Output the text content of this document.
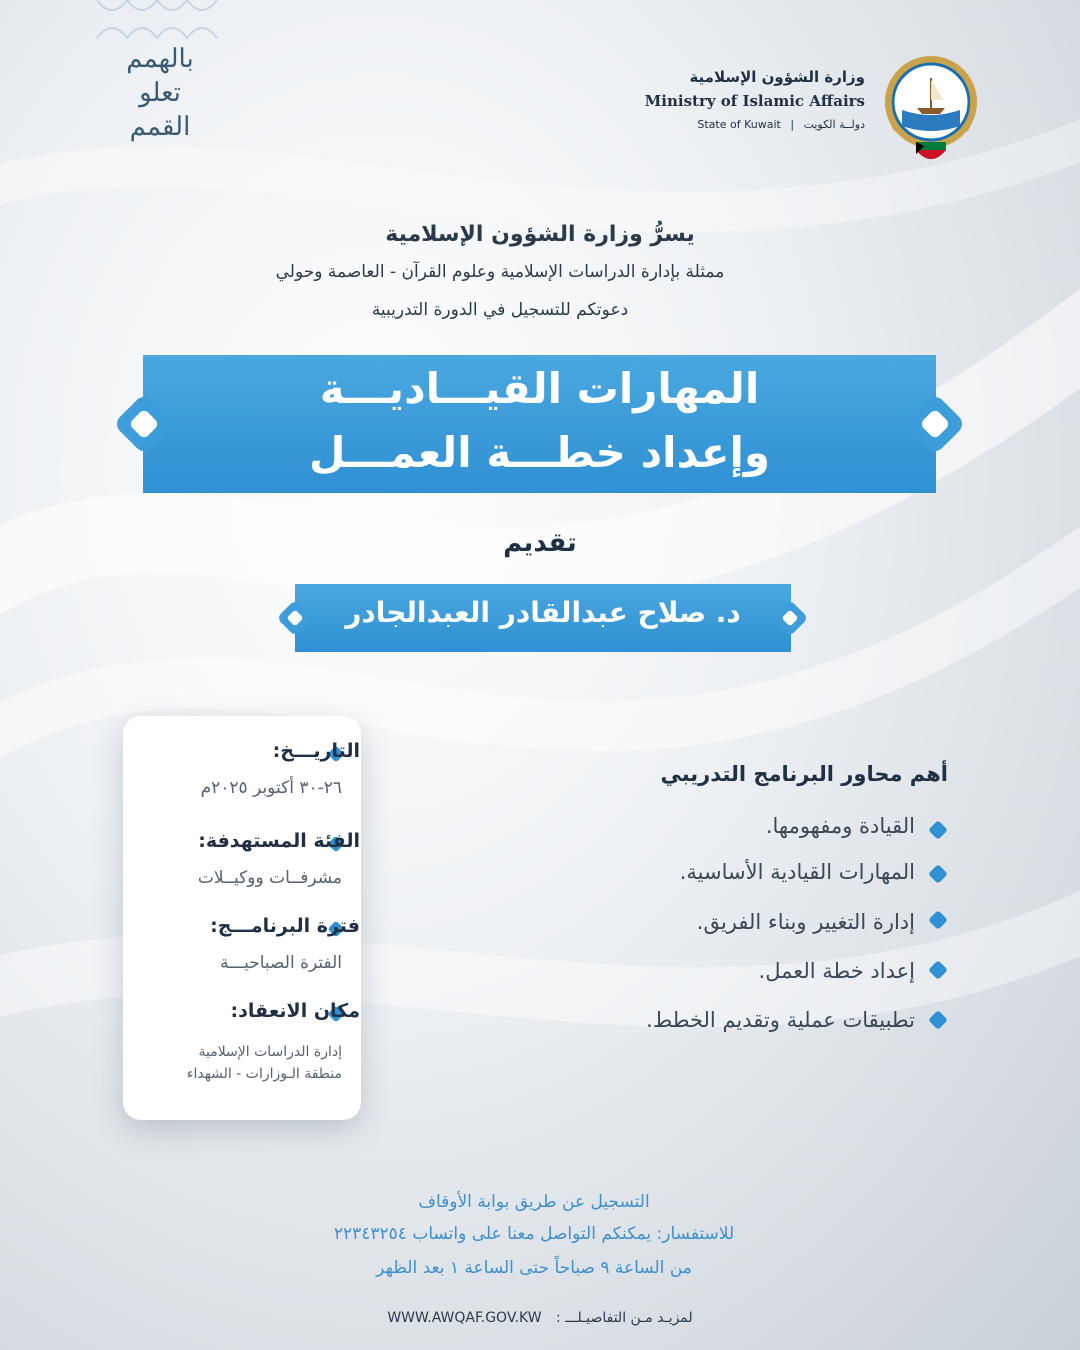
بالهمم
تعلو
القمم
وزارة الشؤون الإسلامية
Ministry of Islamic Affairs
State of Kuwait | دولــة الكويت
يسرُّ وزارة الشؤون الإسلامية
ممثلة بإدارة الدراسات الإسلامية وعلوم القرآن - العاصمة وحولي
دعوتكم للتسجيل في الدورة التدريبية
المهارات القيـــاديـــة
وإعداد خطـــة العمـــل
تقديم
د. صلاح عبدالقادر العبدالجادر
التاريـــخ:
٢٦-٣٠ أكتوبر ٢٠٢٥م
الفئة المستهدفة:
مشرفــات ووكيــلات
فترة البرنامـــج:
الفترة الصباحيـــة
مكان الانعقاد:
إدارة الدراسات الإسلامية
منطقة الـوزارات - الشهداء
أهم محاور البرنامج التدريبي
القيادة ومفهومها.
المهارات القيادية الأساسية.
إدارة التغيير وبناء الفريق.
إعداد خطة العمل.
تطبيقات عملية وتقديم الخطط.
التسجيل عن طريق بوابة الأوقاف
للاستفسار: يمكنكم التواصل معنا على واتساب ٢٢٣٤٣٢٥٤
من الساعة ٩ صباحاً حتى الساعة ١ بعد الظهر
WWW.AWQAF.GOV.KW لمزيـد مـن التفاصيـلـــ :
